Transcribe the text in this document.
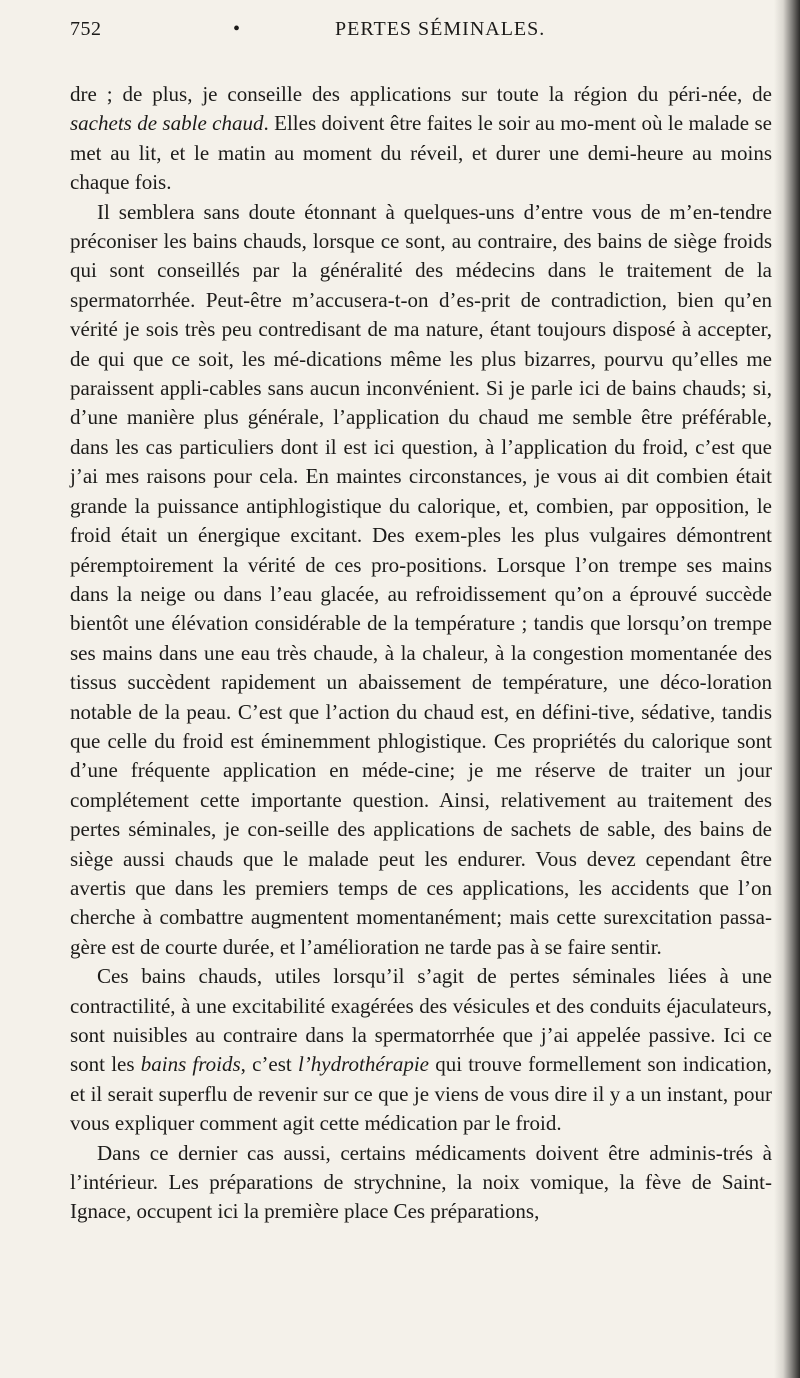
752	•	PERTES SÉMINALES.

dre ; de plus, je conseille des applications sur toute la région du péri-née, de sachets de sable chaud. Elles doivent être faites le soir au mo-ment où le malade se met au lit, et le matin au moment du réveil, et durer une demi-heure au moins chaque fois.

Il semblera sans doute étonnant à quelques-uns d’entre vous de m’en-tendre préconiser les bains chauds, lorsque ce sont, au contraire, des bains de siège froids qui sont conseillés par la généralité des médecins dans le traitement de la spermatorrhée. Peut-être m’accusera-t-on d’es-prit de contradiction, bien qu’en vérité je sois très peu contredisant de ma nature, étant toujours disposé à accepter, de qui que ce soit, les mé-dications même les plus bizarres, pourvu qu’elles me paraissent appli-cables sans aucun inconvénient. Si je parle ici de bains chauds; si, d’une manière plus générale, l’application du chaud me semble être préférable, dans les cas particuliers dont il est ici question, à l’application du froid, c’est que j’ai mes raisons pour cela. En maintes circonstances, je vous ai dit combien était grande la puissance antiphlogistique du calorique, et, combien, par opposition, le froid était un énergique excitant. Des exem-ples les plus vulgaires démontrent péremptoirement la vérité de ces pro-positions. Lorsque l’on trempe ses mains dans la neige ou dans l’eau glacée, au refroidissement qu’on a éprouvé succède bientôt une élévation considérable de la température ; tandis que lorsqu’on trempe ses mains dans une eau très chaude, à la chaleur, à la congestion momentanée des tissus succèdent rapidement un abaissement de température, une déco-loration notable de la peau. C’est que l’action du chaud est, en défini-tive, sédative, tandis que celle du froid est éminemment phlogistique. Ces propriétés du calorique sont d’une fréquente application en méde-cine; je me réserve de traiter un jour complétement cette importante question. Ainsi, relativement au traitement des pertes séminales, je con-seille des applications de sachets de sable, des bains de siège aussi chauds que le malade peut les endurer. Vous devez cependant être avertis que dans les premiers temps de ces applications, les accidents que l’on cherche à combattre augmentent momentanément; mais cette surexcitation passa-gère est de courte durée, et l’amélioration ne tarde pas à se faire sentir.

Ces bains chauds, utiles lorsqu’il s’agit de pertes séminales liées à une contractilité, à une excitabilité exagérées des vésicules et des conduits éjaculateurs, sont nuisibles au contraire dans la spermatorrhée que j’ai appelée passive. Ici ce sont les bains froids, c’est l’hydrothérapie qui trouve formellement son indication, et il serait superflu de revenir sur ce que je viens de vous dire il y a un instant, pour vous expliquer comment agit cette médication par le froid.

Dans ce dernier cas aussi, certains médicaments doivent être adminis-trés à l’intérieur. Les préparations de strychnine, la noix vomique, la fève de Saint-Ignace, occupent ici la première place Ces préparations,
